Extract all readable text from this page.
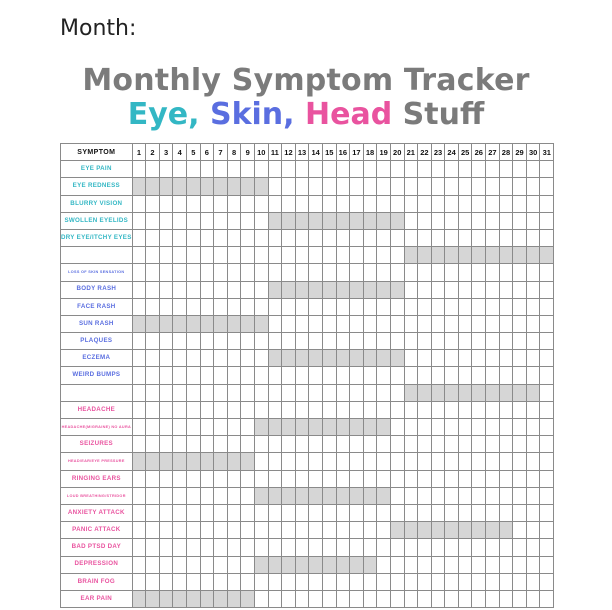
Month:
Monthly Symptom Tracker
Eye, Skin, Head Stuff
SYMPTOM	1	2	3	4	5	6	7	8	9	10	11	12	13	14	15	16	17	18	19	20	21	22	23	24	25	26	27	28	29	30	31
EYE PAIN																															
EYE REDNESS																															
BLURRY VISION																															
SWOLLEN EYELIDS																															
DRY EYE/ITCHY EYES																															

LOSS OF SKIN SENSATION																															
BODY RASH																															
FACE RASH																															
SUN RASH																															
PLAQUES																															
ECZEMA																															
WEIRD BUMPS																															

HEADACHE																															
HEADACHE(MIGRAINE) NO AURA																															
SEIZURES																															
HEAD/EAR/EYE PRESSURE																															
RINGING EARS																															
LOUD BREATHING/STRIDOR																															
ANXIETY ATTACK																															
PANIC ATTACK																															
BAD PTSD DAY																															
DEPRESSION																															
BRAIN FOG																															
EAR PAIN																															
